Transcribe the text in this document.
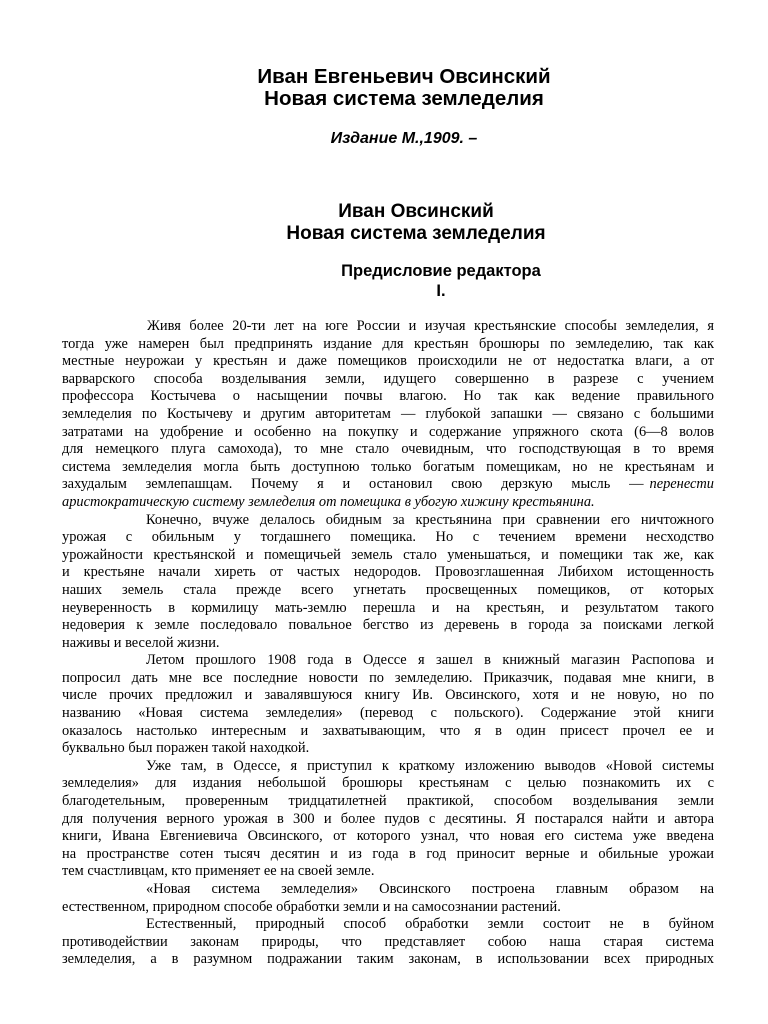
Иван Евгеньевич Овсинский
Новая система земледелия
Издание М.,1909. –
Иван Овсинский
Новая система земледелия
Предисловие редактора
I.
Живя более 20-ти лет на юге России и изучая крестьянские способы земледелия, я
тогда уже намерен был предпринять издание для крестьян брошюры по земледелию, так как
местные неурожаи у крестьян и даже помещиков происходили не от недостатка влаги, а от
варварского способа возделывания земли, идущего совершенно в разрезе с учением
профессора Костычева о насыщении почвы влагою. Но так как ведение правильного
земледелия по Костычеву и другим авторитетам — глубокой запашки — связано с большими
затратами на удобрение и особенно на покупку и содержание упряжного скота (6—8 волов
для немецкого плуга самохода), то мне стало очевидным, что господствующая в то время
система земледелия могла быть доступною только богатым помещикам, но не крестьянам и
захудалым землепашцам. Почему я и остановил свою дерзкую мысль — перенести
аристократическую систему земледелия от помещика в убогую хижину крестьянина.
Конечно, вчуже делалось обидным за крестьянина при сравнении его ничтожного
урожая с обильным у тогдашнего помещика. Но с течением времени несходство
урожайности крестьянской и помещичьей земель стало уменьшаться, и помещики так же, как
и крестьяне начали хиреть от частых недородов. Провозглашенная Либихом истощенность
наших земель стала прежде всего угнетать просвещенных помещиков, от которых
неуверенность в кормилицу мать-землю перешла и на крестьян, и результатом такого
недоверия к земле последовало повальное бегство из деревень в города за поисками легкой
наживы и веселой жизни.
Летом прошлого 1908 года в Одессе я зашел в книжный магазин Распопова и
попросил дать мне все последние новости по земледелию. Приказчик, подавая мне книги, в
числе прочих предложил и завалявшуюся книгу Ив. Овсинского, хотя и не новую, но по
названию «Новая система земледелия» (перевод с польского). Содержание этой книги
оказалось настолько интересным и захватывающим, что я в один присест прочел ее и
буквально был поражен такой находкой.
Уже там, в Одессе, я приступил к краткому изложению выводов «Новой системы
земледелия» для издания небольшой брошюры крестьянам с целью познакомить их с
благодетельным, проверенным тридцатилетней практикой, способом возделывания земли
для получения верного урожая в 300 и более пудов с десятины. Я постарался найти и автора
книги, Ивана Евгениевича Овсинского, от которого узнал, что новая его система уже введена
на пространстве сотен тысяч десятин и из года в год приносит верные и обильные урожаи
тем счастливцам, кто применяет ее на своей земле.
«Новая система земледелия» Овсинского построена главным образом на
естественном, природном способе обработки земли и на самосознании растений.
Естественный, природный способ обработки земли состоит не в буйном
противодействии законам природы, что представляет собою наша старая система
земледелия, а в разумном подражании таким законам, в использовании всех природных
